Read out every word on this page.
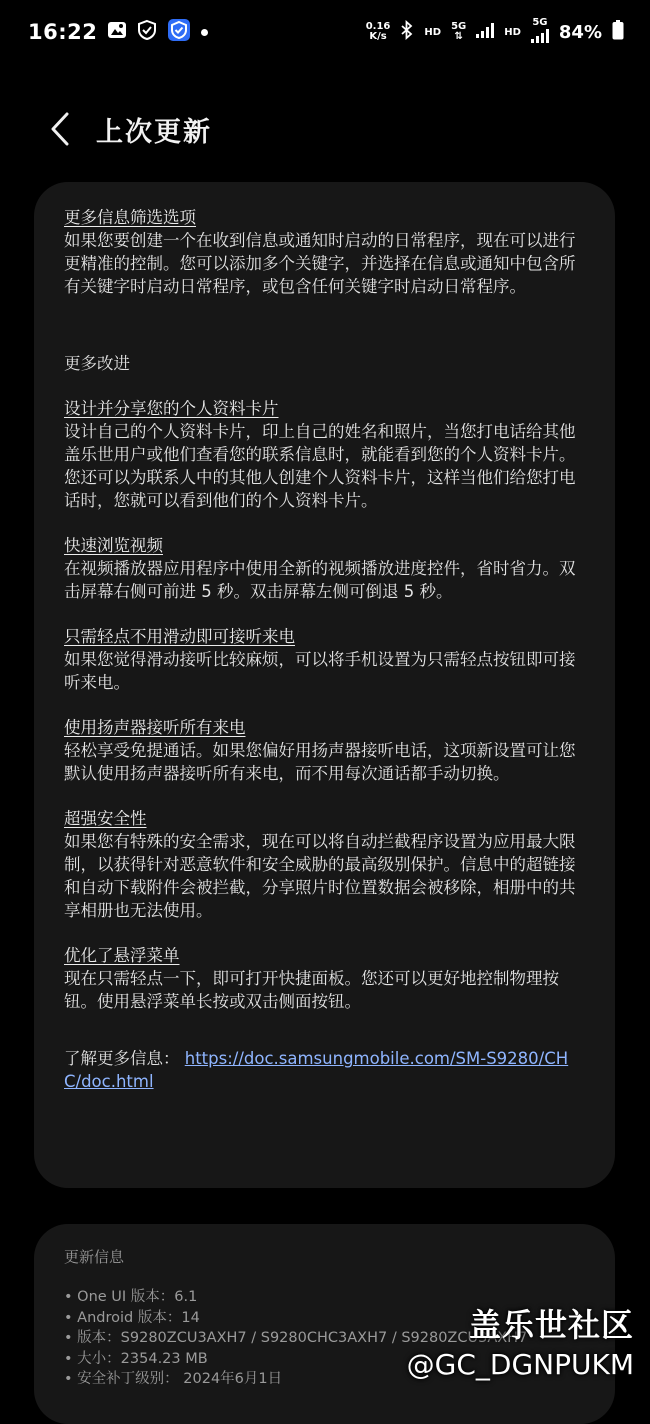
16:22	0.16
K/s	HD 5G
⇅	HD
5G 84%
上次更新
更多信息筛选选项

如果您要创建一个在收到信息或通知时启动的日常程序，现在可以进行更精准的控制。您可以添加多个关键字，并选择在信息或通知中包含所有关键字时启动日常程序，或包含任何关键字时启动日常程序。

更多改进
设计并分享您的个人资料卡片

设计自己的个人资料卡片，印上自己的姓名和照片，当您打电话给其他盖乐世用户或他们查看您的联系信息时，就能看到您的个人资料卡片。您还可以为联系人中的其他人创建个人资料卡片，这样当他们给您打电话时，您就可以看到他们的个人资料卡片。

快速浏览视频

在视频播放器应用程序中使用全新的视频播放进度控件，省时省力。双击屏幕右侧可前进 5 秒。双击屏幕左侧可倒退 5 秒。

只需轻点不用滑动即可接听来电

如果您觉得滑动接听比较麻烦，可以将手机设置为只需轻点按钮即可接听来电。

使用扬声器接听所有来电

轻松享受免提通话。如果您偏好用扬声器接听电话，这项新设置可让您默认使用扬声器接听所有来电，而不用每次通话都手动切换。

超强安全性

如果您有特殊的安全需求，现在可以将自动拦截程序设置为应用最大限制，以获得针对恶意软件和安全威胁的最高级别保护。信息中的超链接和自动下载附件会被拦截，分享照片时位置数据会被移除，相册中的共享相册也无法使用。

优化了悬浮菜单

现在只需轻点一下，即可打开快捷面板。您还可以更好地控制物理按钮。使用悬浮菜单长按或双击侧面按钮。

了解更多信息： https://doc.samsungmobile.com/SM-S9280/CHC/doc.html
更新信息
• One UI 版本：6.1
• Android 版本：14
• 版本：S9280ZCU3AXH7 / S9280CHC3AXH7 / S9280ZCU3AXH7
• 大小：2354.23 MB
• 安全补丁级别： 2024年6月1日
盖乐世社区
@GC_DGNPUKM
